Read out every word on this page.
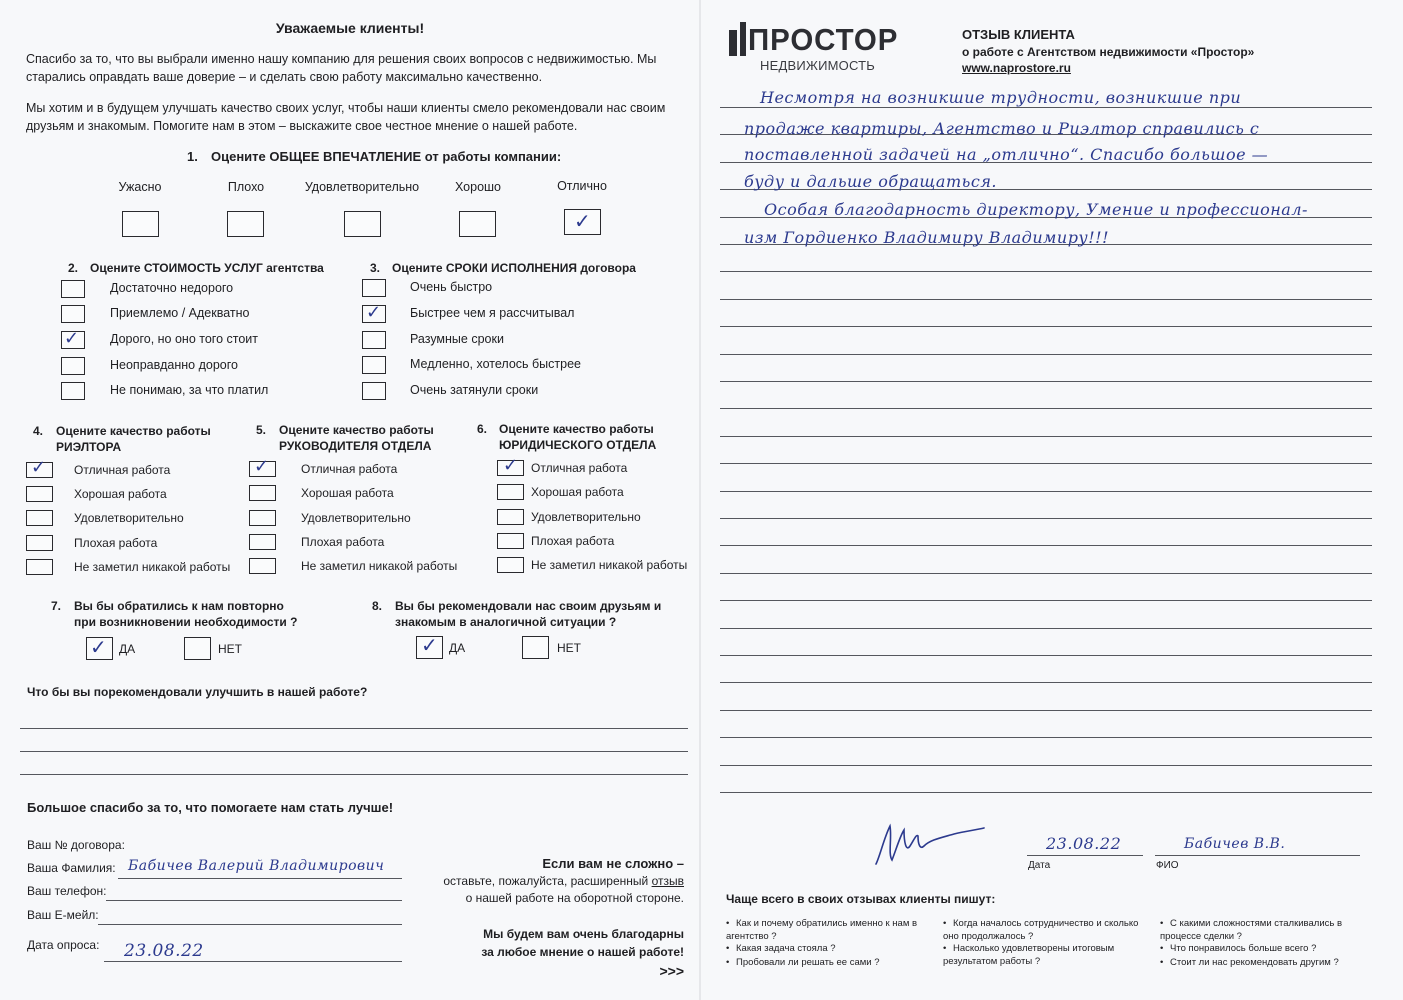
Уважаемые клиенты!
Спасибо за то, что вы выбрали именно нашу компанию для решения своих вопросов с недвижимостью. Мы старались оправдать ваше доверие – и сделать свою работу максимально качественно.
Мы хотим и в будущем улучшать качество своих услуг, чтобы наши клиенты смело рекомендовали нас своим друзьям и знакомым. Помогите нам в этом – выскажите свое честное мнение о нашей работе.
1. Оцените ОБЩЕЕ ВПЕЧАТЛЕНИЕ от работы компании:
Ужасно	Плохо	Удовлетворительно	Хорошо	Отлично
✓
2. Оцените СТОИМОСТЬ УСЛУГ агентства
Достаточно недорого
Приемлемо / Адекватно
✓ Дорого, но оно того стоит
Неоправданно дорого
Не понимаю, за что платил
3. Оцените СРОКИ ИСПОЛНЕНИЯ договора
Очень быстро
✓ Быстрее чем я рассчитывал
Разумные сроки
Медленно, хотелось быстрее
Очень затянули сроки
4. Оцените качество работы
РИЭЛТОРА
✓ Отличная работа
Хорошая работа
Удовлетворительно
Плохая работа
Не заметил никакой работы
5. Оцените качество работы
РУКОВОДИТЕЛЯ ОТДЕЛА
✓	Отличная работа
Хорошая работа
Удовлетворительно
Плохая работа
Не заметил никакой работы
6. Оцените качество работы
ЮРИДИЧЕСКОГО ОТДЕЛА
✓ Отличная работа
Хорошая работа
Удовлетворительно
Плохая работа
Не заметил никакой работы
7. Вы бы обратились к нам повторно
при возникновении необходимости ?
✓ ДА	НЕТ
8. Вы бы рекомендовали нас своим друзьям и
знакомым в аналогичной ситуации ?
✓ ДА	НЕТ
Что бы вы порекомендовали улучшить в нашей работе?
Большое спасибо за то, что помогаете нам стать лучше!
Ваш № договора:
Ваша Фамилия: Бабичев Валерий Владимирович
Ваш телефон:
Ваш Е-мейл:
Дата опроса: 23.08.22
Если вам не сложно –
оставьте, пожалуйста, расширенный отзыв
о нашей работе на оборотной стороне.
Мы будем вам очень благодарны
за любое мнение о нашей работе!
>>>
ПРОСТОР
НЕДВИЖИМОСТЬ
ОТЗЫВ КЛИЕНТА
о работе с Агентством недвижимости «Простор»
www.naprostore.ru
Несмотря на возникшие трудности, возникшие при
продаже квартиры, Агентство и Риэлтор справились с
поставленной задачей на „отлично“. Спасибо большое —
буду и дальше обращаться.
Особая благодарность директору, Умение и профессионал-
изм Гордиенко Владимиру Владимиру!!!
23.08.22
Дата
Бабичев В.В.
ФИО
Чаще всего в своих отзывах клиенты пишут:
• Как и почему обратились именно к нам в агентство ?
• Какая задача стояла ?
• Пробовали ли решать ее сами ?
• Когда началось сотрудничество и сколько оно продолжалось ?
• Насколько удовлетворены итоговым результатом работы ?
• С какими сложностями сталкивались в процессе сделки ?
• Что понравилось больше всего ?
• Стоит ли нас рекомендовать другим ?
